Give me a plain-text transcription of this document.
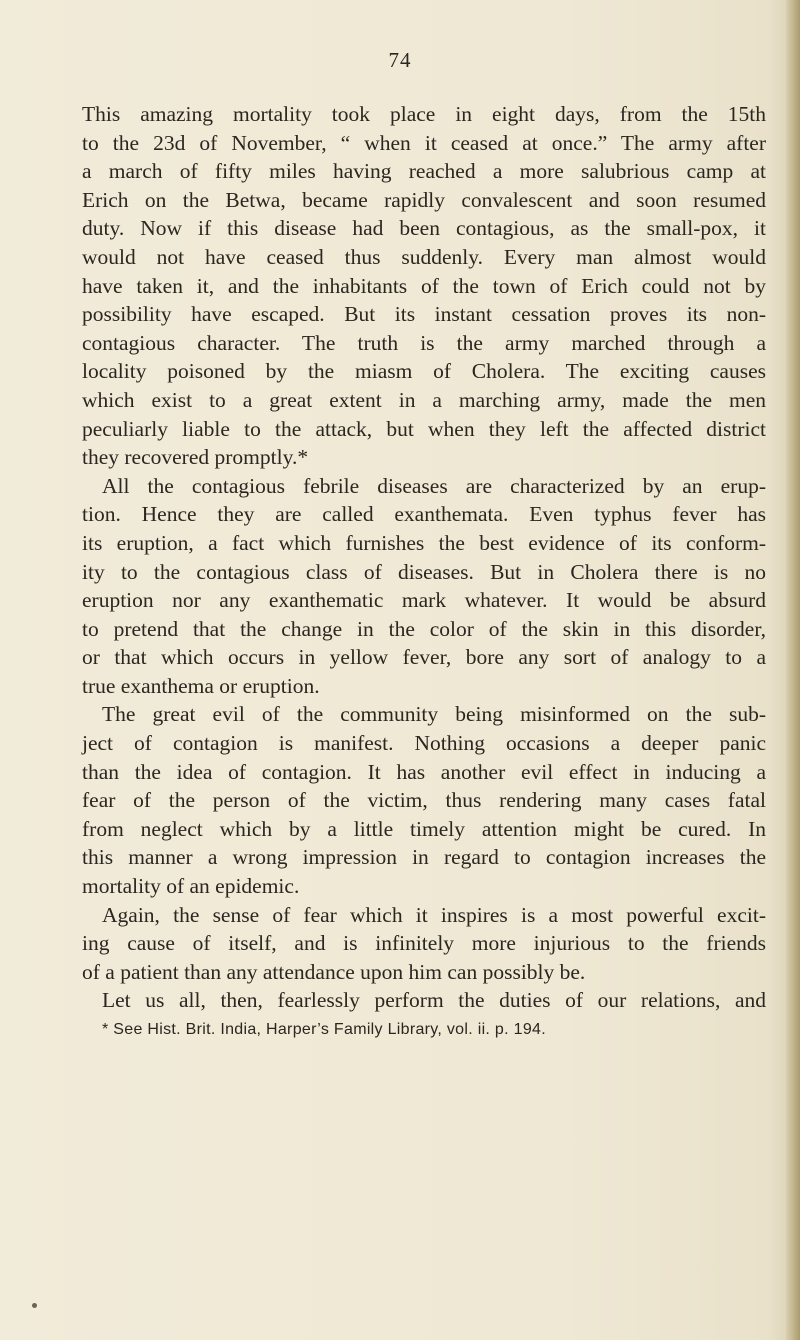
74
This amazing mortality took place in eight days, from the 15th
to the 23d of November, “ when it ceased at once.” The army after
a march of fifty miles having reached a more salubrious camp at
Erich on the Betwa, became rapidly convalescent and soon resumed
duty. Now if this disease had been contagious, as the small-pox, it
would not have ceased thus suddenly. Every man almost would
have taken it, and the inhabitants of the town of Erich could not by
possibility have escaped. But its instant cessation proves its non-
contagious character. The truth is the army marched through a
locality poisoned by the miasm of Cholera. The exciting causes
which exist to a great extent in a marching army, made the men
peculiarly liable to the attack, but when they left the affected district
they recovered promptly.*
All the contagious febrile diseases are characterized by an erup-
tion. Hence they are called exanthemata. Even typhus fever has
its eruption, a fact which furnishes the best evidence of its conform-
ity to the contagious class of diseases. But in Cholera there is no
eruption nor any exanthematic mark whatever. It would be absurd
to pretend that the change in the color of the skin in this disorder,
or that which occurs in yellow fever, bore any sort of analogy to a
true exanthema or eruption.
The great evil of the community being misinformed on the sub-
ject of contagion is manifest. Nothing occasions a deeper panic
than the idea of contagion. It has another evil effect in inducing a
fear of the person of the victim, thus rendering many cases fatal
from neglect which by a little timely attention might be cured. In
this manner a wrong impression in regard to contagion increases the
mortality of an epidemic.
Again, the sense of fear which it inspires is a most powerful excit-
ing cause of itself, and is infinitely more injurious to the friends
of a patient than any attendance upon him can possibly be.
Let us all, then, fearlessly perform the duties of our relations, and
* See Hist. Brit. India, Harper’s Family Library, vol. ii. p. 194.
